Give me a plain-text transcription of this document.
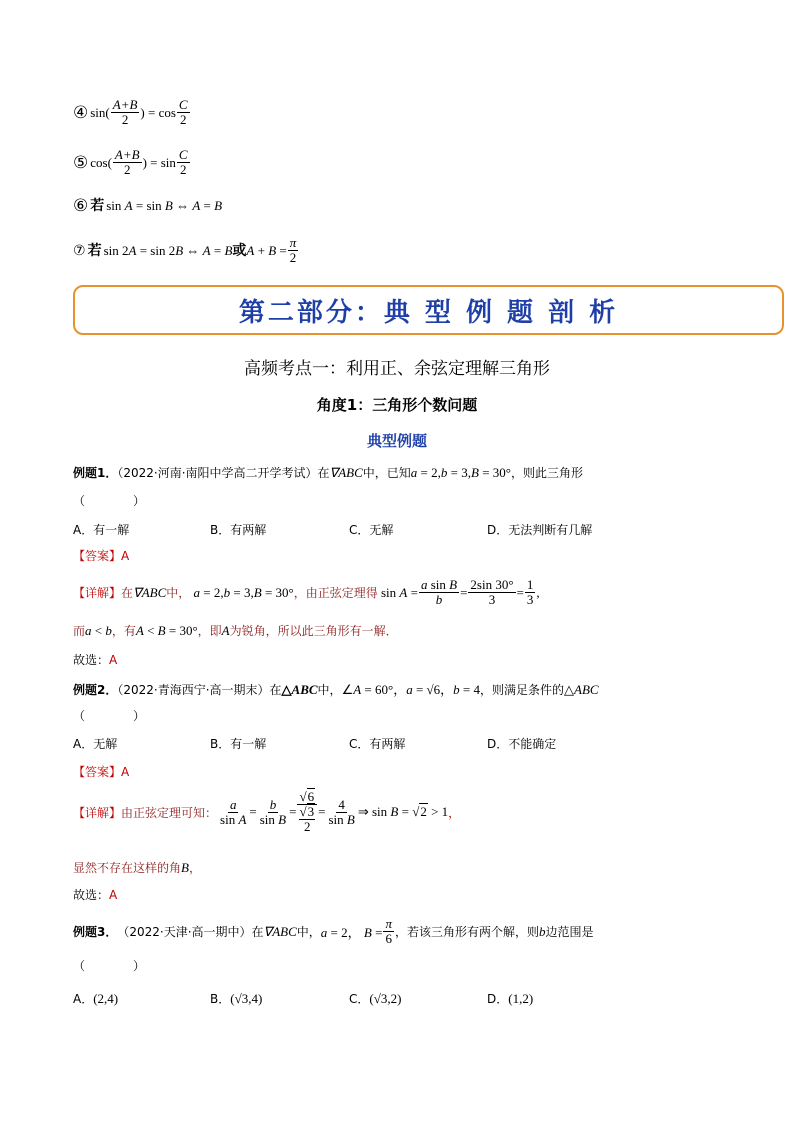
④ $\sin( \frac{A+B}{2}$ ) = $\cos \frac{C}{2}$
⑤ $\cos( \frac{A+B}{2}$ ) = $\sin \frac{C}{2}$
⑥ 若 sin A = sin B ⇔ A = B
⑦ 若 sin 2A = sin 2B ⇔ A = B 或 $A + B = \frac{\pi}{2}$
第二部分：典 型 例 题 剖 析
高频考点一：利用正、余弦定理解三角形
角度1：三角形个数问题
典型例题
例题1．（2022·河南·南阳中学高二开学考试）在∇ABC中，已知a = 2,b = 3,B = 30°，则此三角形
（　　　　）
A．有一解	B．有两解	C．无解	D．无法判断有几解
【答案】A
【详解】 在 ∇ABC 中， a = 2,b = 3,B = 30° ，由正弦定理得 $\sin A = \frac{\text{a sin B}}{b} = \frac{2\sin 30^\circ}{3} = \frac{1}{3}$ ,
而a < b，有A < B = 30°，即A为锐角，所以此三角形有一解．
故选：A
例题2．（2022·青海西宁·高一期末）在△ABC中，∠A = 60°，a = √6，b = 4，则满足条件的△ABC
（　　　　）
A．无解	B．有一解	C．有两解	D．不能确定
【答案】A
【详解】 由正弦定理可知： $\frac{a}{\text{sin A}} = \frac{b}{\text{sin B}} = √6$
√3
$2 = \frac{4}{\text{sin B}}$ ⇒ sin B = √2 > 1 ，
显然不存在这样的角B，
故选：A
例题3． （2022·天津·高一期中）在 ∇ABC 中， a = 2， $B = \frac{\pi}{6}$ ，若该三角形有两个解，则 b 边范围是
（　　　　）
A．(2,4)	B．(√3,4)	C．(√3,2)	D．(1,2)
